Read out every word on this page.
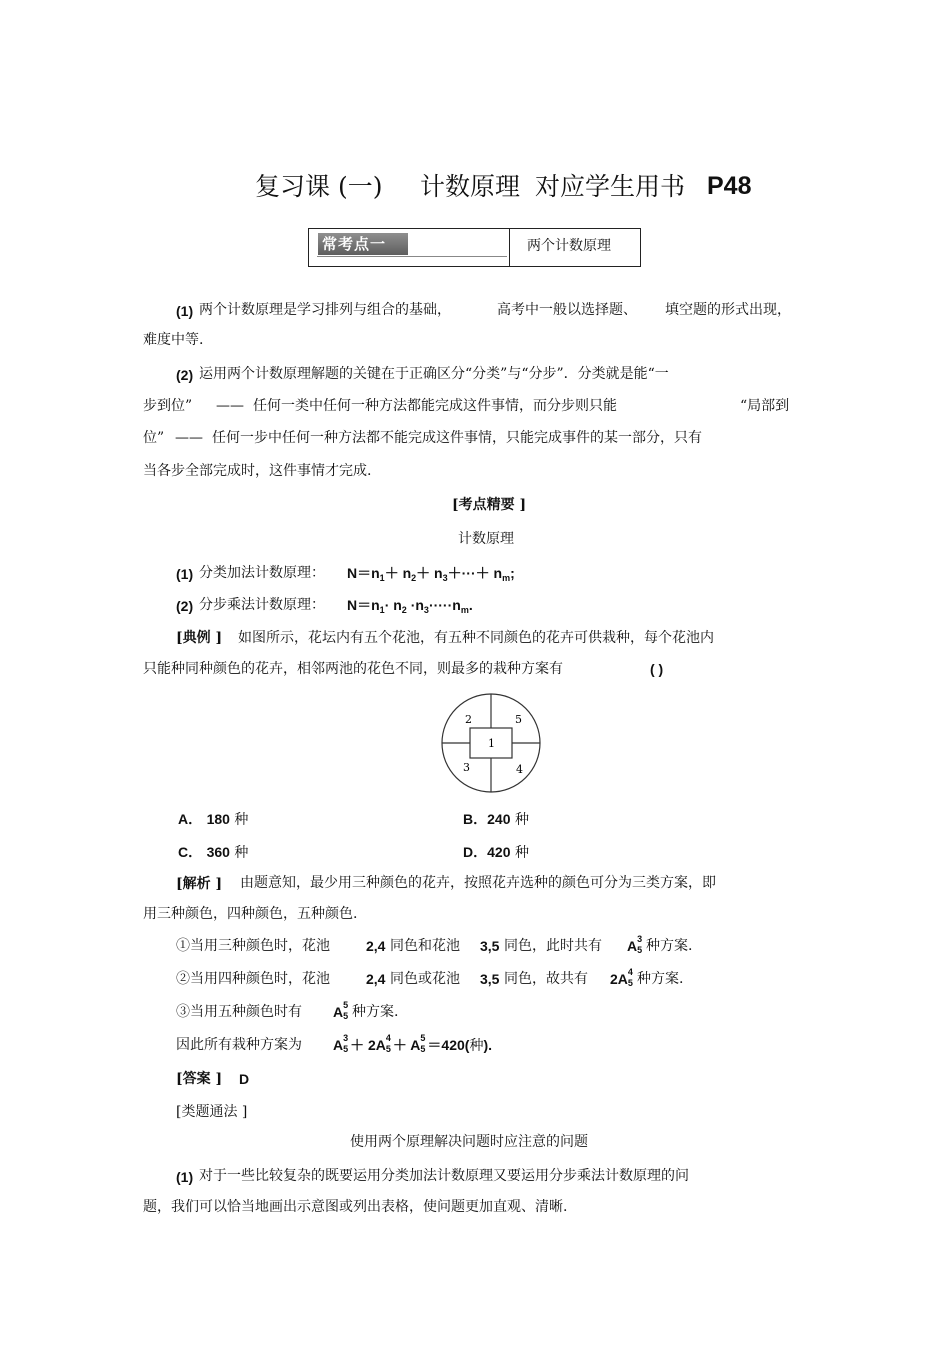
复习课 (一) 计数原理 对应学生用书 P48
常考点一	两个计数原理
(1) 两个计数原理是学习排列与组合的基础，	高考中一般以选择题、 填空题的形式出现，
难度中等.
(2) 运用两个计数原理解题的关键在于正确区分“分类”与“分步”．分类就是能“一
步到位” —— 任何一类中任何一种方法都能完成这件事情，而分步则只能	“局部到
位” —— 任何一步中任何一种方法都不能完成这件事情，只能完成事件的某一部分，只有
当各步全部完成时，这件事情才完成.
[考点精要 ]
计数原理
(1) 分类加法计数原理： $N=n_1+ n_2+ n_3+\cdot\cdot\cdot+ n_m$;
(2) 分步乘法计数原理： $N=n_1\cdot n_2 \cdot n_3\cdot\cdot\cdot\cdot\cdot n_m$.
[典例 ] 如图所示，花坛内有五个花池，有五种不同颜色的花卉可供栽种，每个花池内
只能种同种颜色的花卉，相邻两池的花色不同，则最多的栽种方案有	( )
1
2
3	4
5
A． 180 种	B．240 种
C． 360 种	D．420 种
[解析 ] 由题意知，最少用三种颜色的花卉，按照花卉选种的颜色可分为三类方案，即
用三种颜色，四种颜色，五种颜色.
①当用三种颜色时，花池	2,4 同色和花池 3,5 同色，此时共有 A 3
5 种方案.
②当用四种颜色时，花池	2,4 同色或花池 3,5 同色，故共有 2A 4
5 种方案.
③当用五种颜色时有 A 5
5 种方案.
因此所有栽种方案为 A 3
5 ＋ 2A 4
5 ＋ A 5
5 ＝420(种).
[答案 ] D
[类题通法 ]
使用两个原理解决问题时应注意的问题
(1) 对于一些比较复杂的既要运用分类加法计数原理又要运用分步乘法计数原理的问
题，我们可以恰当地画出示意图或列出表格，使问题更加直观、清晰.
